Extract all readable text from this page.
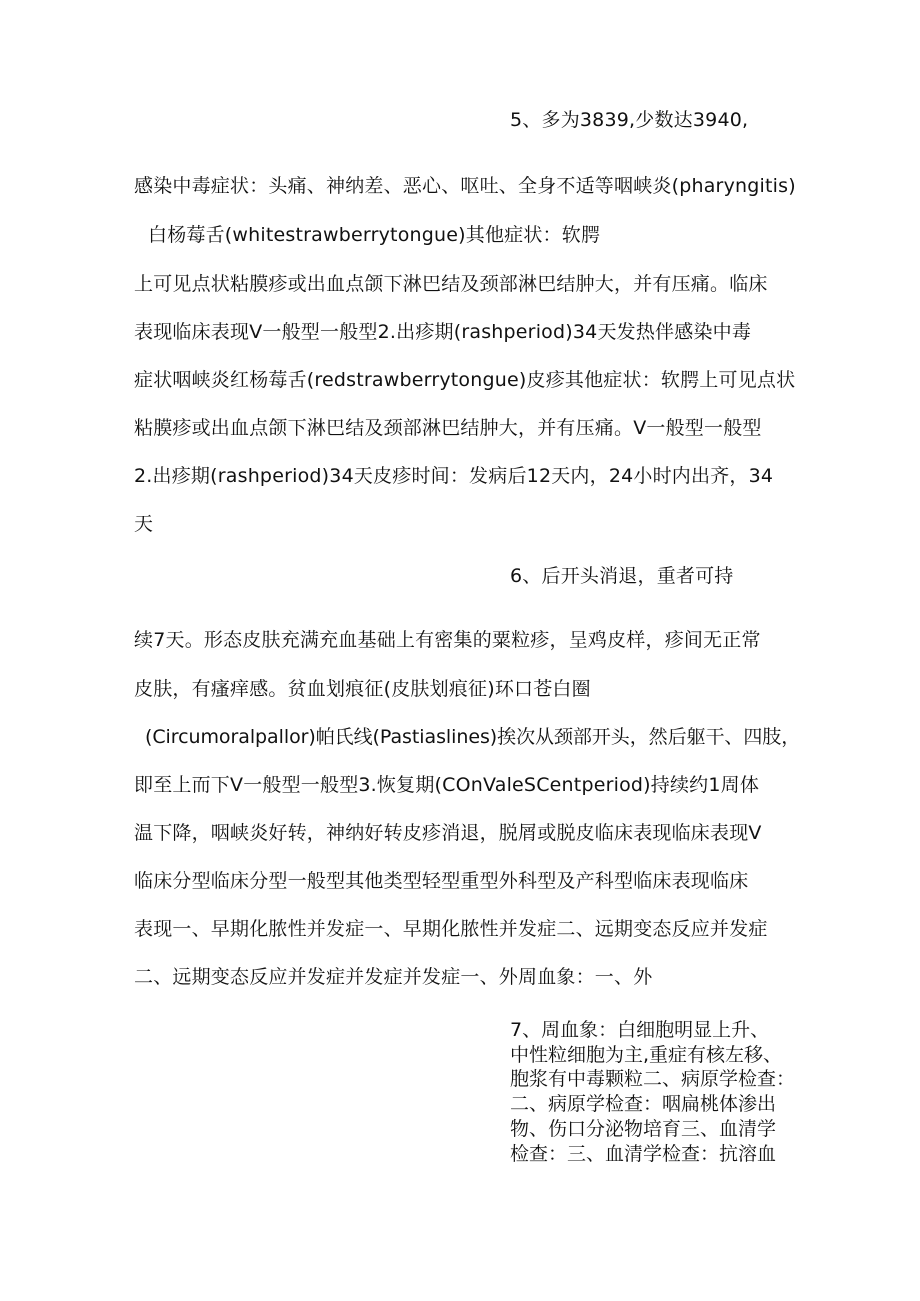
5、多为3839,少数达3940,
感染中毒症状：头痛、神纳差、恶心、呕吐、全身不适等咽峡炎(pharyngitis)
白杨莓舌(whitestrawberrytongue)其他症状：软腭
上可见点状粘膜疹或出血点颌下淋巴结及颈部淋巴结肿大，并有压痛。临床
表现临床表现V一般型一般型2.出疹期(rashperiod)34天发热伴感染中毒
症状咽峡炎红杨莓舌(redstrawberrytongue)皮疹其他症状：软腭上可见点状
粘膜疹或出血点颌下淋巴结及颈部淋巴结肿大，并有压痛。V一般型一般型
2.出疹期(rashperiod)34天皮疹时间：发病后12天内，24小时内出齐，34
天
6、后开头消退，重者可持
续7天。形态皮肤充满充血基础上有密集的粟粒疹，呈鸡皮样，疹间无正常
皮肤，有瘙痒感。贫血划痕征(皮肤划痕征)环口苍白圈
(Circumoralpallor)帕氏线(Pastiaslines)挨次从颈部开头，然后躯干、四肢，
即至上而下V一般型一般型3.恢复期(COnValeSCentperiod)持续约1周体
温下降，咽峡炎好转，神纳好转皮疹消退，脱屑或脱皮临床表现临床表现V
临床分型临床分型一般型其他类型轻型重型外科型及产科型临床表现临床
表现一、早期化脓性并发症一、早期化脓性并发症二、远期变态反应并发症
二、远期变态反应并发症并发症并发症一、外周血象：一、外
7、周血象：白细胞明显上升、
中性粒细胞为主,重症有核左移、
胞浆有中毒颗粒二、病原学检查：
二、病原学检查：咽扁桃体渗出
物、伤口分泌物培育三、血清学
检查：三、血清学检查：抗溶血
